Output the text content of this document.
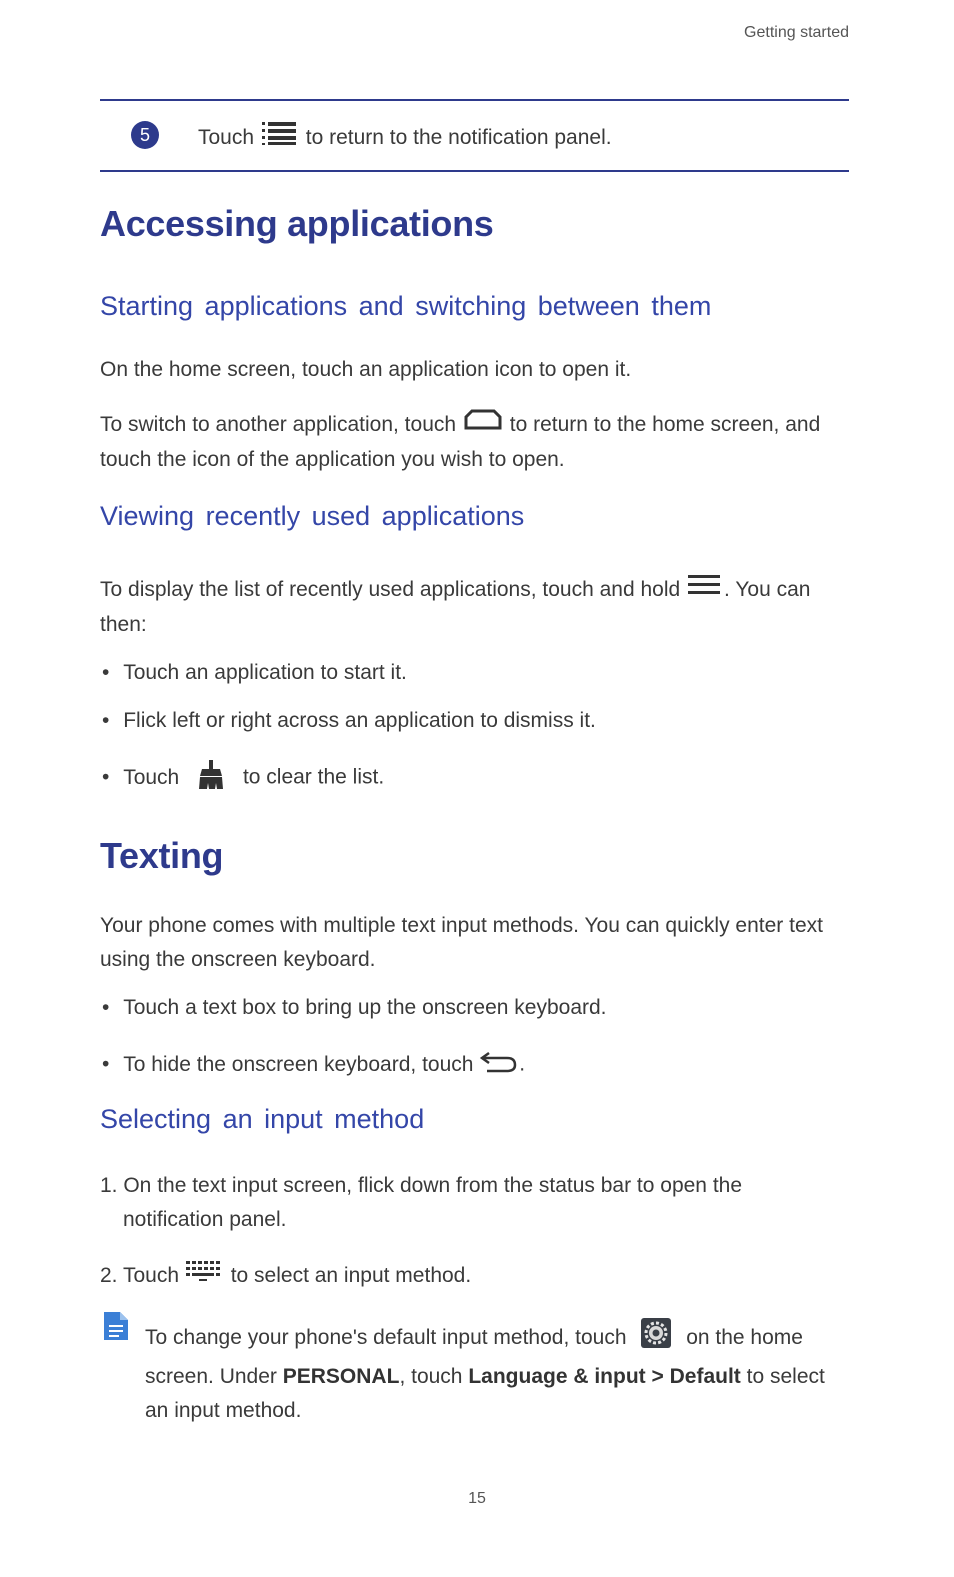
Getting started
5	Touch to return to the notification panel.
Accessing applications
Starting applications and switching between them
On the home screen, touch an application icon to open it.
To switch to another application, touch	to return to the home screen, and
touch the icon of the application you wish to open.
Viewing recently used applications
To display the list of recently used applications, touch and hold . You can
then:
• Touch an application to start it.
• Flick left or right across an application to dismiss it.
• Touch	to clear the list.
Texting
Your phone comes with multiple text input methods. You can quickly enter text
using the onscreen keyboard.
• Touch a text box to bring up the onscreen keyboard.
• To hide the onscreen keyboard, touch .
Selecting an input method
1. On the text input screen, flick down from the status bar to open the
notification panel.
2. Touch to select an input method.
To change your phone's default input method, touch	on the home
screen. Under PERSONAL, touch Language & input > Default to select
an input method.
15
